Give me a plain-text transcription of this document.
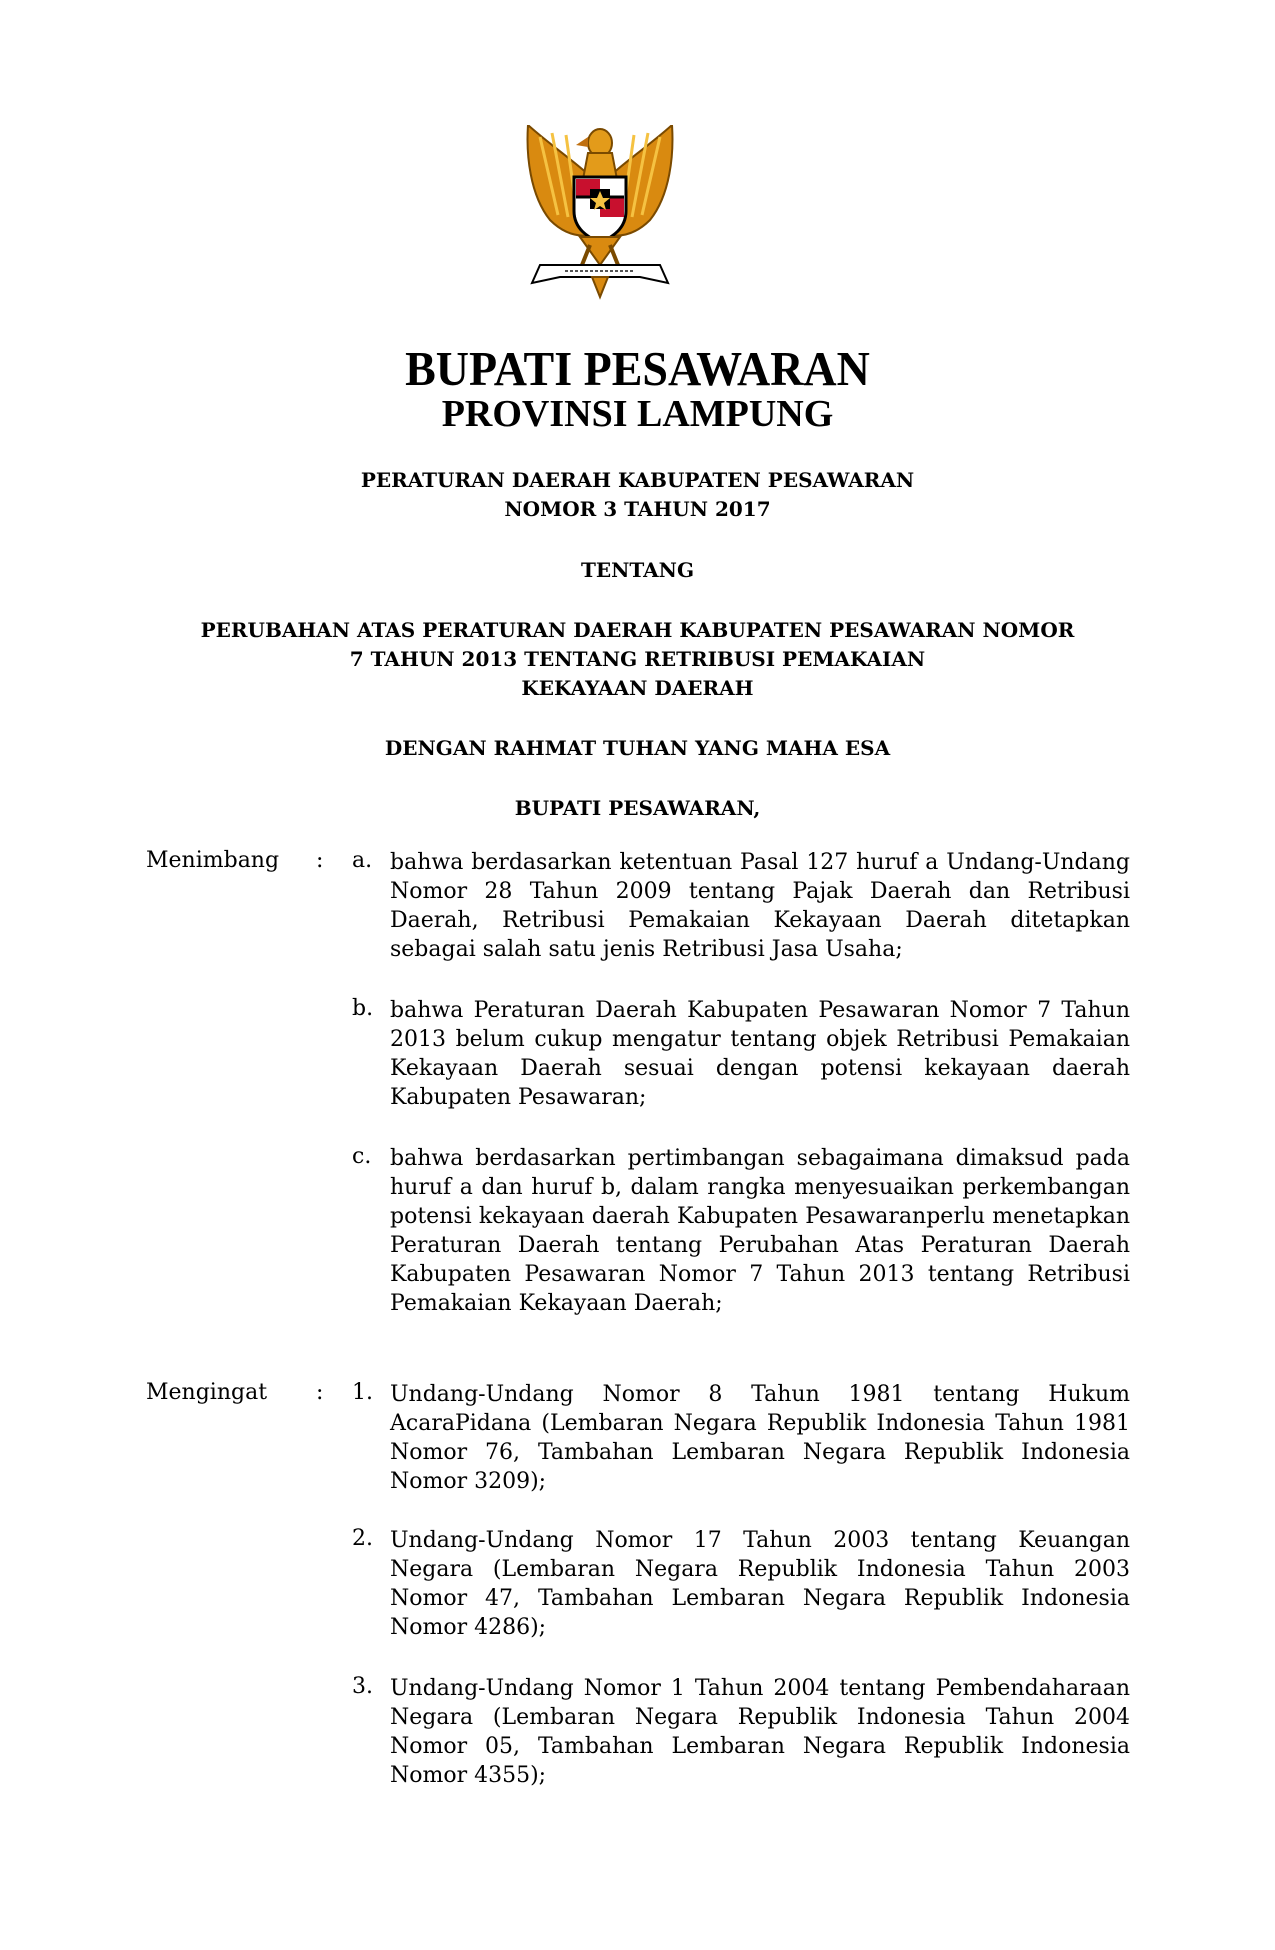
BUPATI PESAWARAN
PROVINSI LAMPUNG
PERATURAN DAERAH KABUPATEN PESAWARAN
NOMOR 3 TAHUN 2017
TENTANG
PERUBAHAN ATAS PERATURAN DAERAH KABUPATEN PESAWARAN NOMOR
7 TAHUN 2013 TENTANG RETRIBUSI PEMAKAIAN
KEKAYAAN DAERAH
DENGAN RAHMAT TUHAN YANG MAHA ESA
BUPATI PESAWARAN,
Menimbang : a. bahwa berdasarkan ketentuan Pasal 127 huruf a Undang-Undang Nomor 28 Tahun 2009 tentang Pajak Daerah dan Retribusi Daerah, Retribusi Pemakaian Kekayaan Daerah ditetapkan sebagai salah satu jenis Retribusi Jasa Usaha;
b. bahwa Peraturan Daerah Kabupaten Pesawaran Nomor 7 Tahun 2013 belum cukup mengatur tentang objek Retribusi Pemakaian Kekayaan Daerah sesuai dengan potensi kekayaan daerah Kabupaten Pesawaran;
c. bahwa berdasarkan pertimbangan sebagaimana dimaksud pada huruf a dan huruf b, dalam rangka menyesuaikan perkembangan potensi kekayaan daerah Kabupaten Pesawaranperlu menetapkan Peraturan Daerah tentang Perubahan Atas Peraturan Daerah Kabupaten Pesawaran Nomor 7 Tahun 2013 tentang Retribusi Pemakaian Kekayaan Daerah;
Mengingat : 1. Undang-Undang Nomor 8 Tahun 1981 tentang Hukum AcaraPidana (Lembaran Negara Republik Indonesia Tahun 1981 Nomor 76, Tambahan Lembaran Negara Republik Indonesia Nomor 3209);
2. Undang-Undang Nomor 17 Tahun 2003 tentang Keuangan Negara (Lembaran Negara Republik Indonesia Tahun 2003 Nomor 47, Tambahan Lembaran Negara Republik Indonesia Nomor 4286);
3. Undang-Undang Nomor 1 Tahun 2004 tentang Pembendaharaan Negara (Lembaran Negara Republik Indonesia Tahun 2004 Nomor 05, Tambahan Lembaran Negara Republik Indonesia Nomor 4355);
